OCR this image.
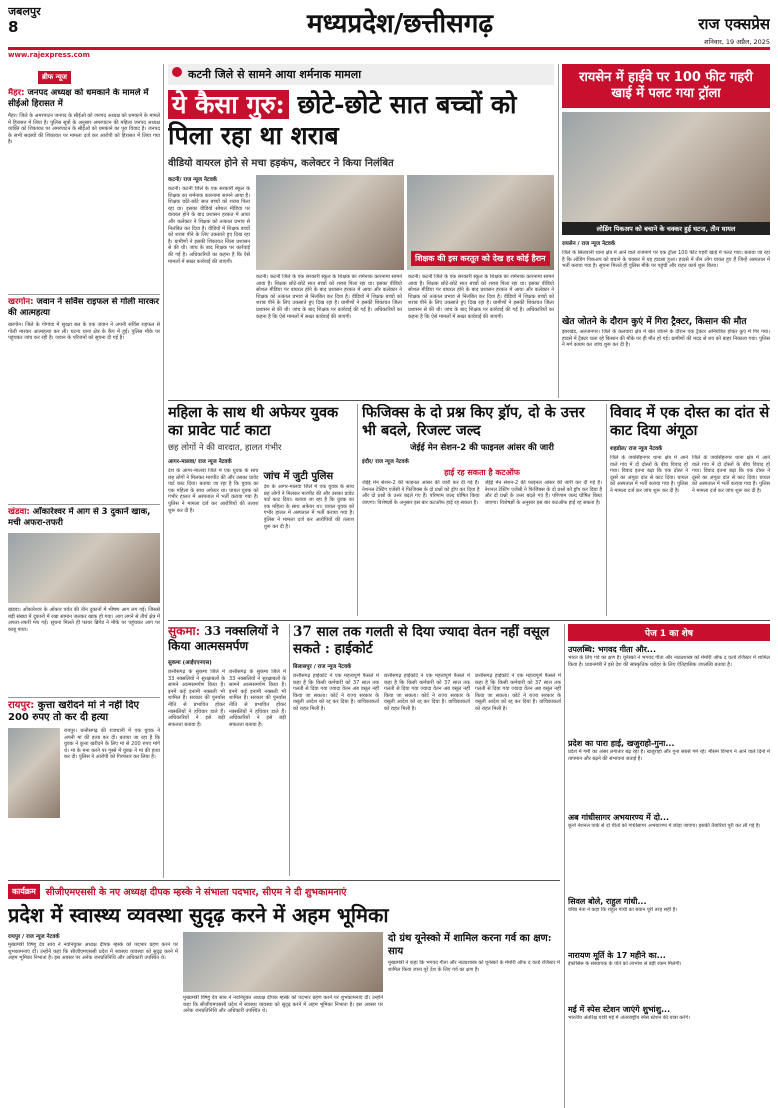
जबलपुर
8	मध्यप्रदेश/छत्तीसगढ़	राज एक्सप्रेस
शनिवार, 19 अप्रैल, 2025
www.rajexpress.com
ब्रीफ न्यूज
मैहर: जनपद अध्यक्ष को धमकाने के मामले में सीईओ हिरासत में
मैहर। जिले के अमरपाटन जनपद के सीईओ को जनपद अध्यक्ष को धमकाने के मामले में हिरासत में लिया है। पुलिस सूत्रों के अनुसार अमरपाटन की महिला जनपद अध्यक्ष व्यक्ति को शिकायत पर अमरपाटन के सीईओ को धमकाने का पूरा विवाद है। जनपद के सभी सदस्यों की शिकायत पर मामला दर्ज कर आरोपी को हिरासत में लिया गया है।
खरगोन: जवान ने सर्विस राइफल से गोली मारकर की आत्महत्या
खरगोन। जिले के गोगांवा में सुरक्षा बल के एक जवान ने अपनी सर्विस राइफल से गोली मारकर आत्महत्या कर ली। घटना थाना क्षेत्र के कैंप में हुई। पुलिस मौके पर पहुंचकर जांच कर रही है। जवान के परिजनों को सूचना दी गई है।
खंडवा: ऑंकारेश्वर में आग से 3 दुकानें खाक, मची अफरा-तफरी
खंडवा। ओंकारेश्वर के ओंकार पर्वत की तीन दुकानों में भीषण आग लग गई। जिससे बड़ी संख्या में दुकानों में रखा सामान जलकर खाक हो गया। आग लगने से तीर्थ क्षेत्र में अफरा-तफरी मच गई। सूचना मिलते ही फायर ब्रिगेड ने मौके पर पहुंचकर आग पर काबू पाया।
रायपुर: कुत्ता खरीदने मां ने नहीं दिए 200 रुपए तो कर दी हत्या
रायपुर। छत्तीसगढ़ की राजधानी में एक युवक ने अपनी मां की हत्या कर दी। बताया जा रहा है कि युवक ने कुत्ता खरीदने के लिए मां से 200 रुपए मांगे थे। मां के मना करने पर गुस्से में युवक ने मां की हत्या कर दी। पुलिस ने आरोपी को गिरफ्तार कर लिया है।
कटनी जिले से सामने आया शर्मनाक मामला
ये कैसा गुरु: छोटे-छोटे सात बच्चों को पिला रहा था शराब
वीडियो वायरल होने से मचा हड़कंप, कलेक्टर ने किया निलंबित
कटनी/ राज न्यूज नेटवर्क
कटनी। कटनी जिले के एक सरकारी स्कूल के शिक्षक का शर्मनाक कारनामा सामने आया है। शिक्षक छोटे-छोटे सात बच्चों को शराब पिला रहा था। इसका वीडियो सोशल मीडिया पर वायरल होने के बाद प्रशासन हरकत में आया और कलेक्टर ने शिक्षक को तत्काल प्रभाव से निलंबित कर दिया है। वीडियो में शिक्षक बच्चों को शराब पीने के लिए उकसाते हुए दिख रहा है। ग्रामीणों ने इसकी शिकायत जिला प्रशासन से की थी। जांच के बाद शिक्षक पर कार्रवाई की गई है। अधिकारियों का कहना है कि ऐसे मामलों में सख्त कार्रवाई की जाएगी।	शिक्षक की इस करतूत को देख हर कोई हैरान
कटनी। कटनी जिले के एक सरकारी स्कूल के शिक्षक का शर्मनाक कारनामा सामने आया है। शिक्षक छोटे-छोटे सात बच्चों को शराब पिला रहा था। इसका वीडियो सोशल मीडिया पर वायरल होने के बाद प्रशासन हरकत में आया और कलेक्टर ने शिक्षक को तत्काल प्रभाव से निलंबित कर दिया है। वीडियो में शिक्षक बच्चों को शराब पीने के लिए उकसाते हुए दिख रहा है। ग्रामीणों ने इसकी शिकायत जिला प्रशासन से की थी। जांच के बाद शिक्षक पर कार्रवाई की गई है। अधिकारियों का कहना है कि ऐसे मामलों में सख्त कार्रवाई की जाएगी।
कटनी। कटनी जिले के एक सरकारी स्कूल के शिक्षक का शर्मनाक कारनामा सामने आया है। शिक्षक छोटे-छोटे सात बच्चों को शराब पिला रहा था। इसका वीडियो सोशल मीडिया पर वायरल होने के बाद प्रशासन हरकत में आया और कलेक्टर ने शिक्षक को तत्काल प्रभाव से निलंबित कर दिया है। वीडियो में शिक्षक बच्चों को शराब पीने के लिए उकसाते हुए दिख रहा है। ग्रामीणों ने इसकी शिकायत जिला प्रशासन से की थी। जांच के बाद शिक्षक पर कार्रवाई की गई है। अधिकारियों का कहना है कि ऐसे मामलों में सख्त कार्रवाई की जाएगी।
रायसेन में हाईवे पर 100 फीट गहरी खाई में पलट गया ट्रॉला
लोडिंग पिकअप को बचाने के चक्कर हुई घटना, तीन घायल
रायसेन / राज न्यूज नेटवर्क
जिले के सिलवानी थाना क्षेत्र में आने वाले राजमार्ग पर एक ट्रॉला 100 फीट गहरी खाई में पलट गया। बताया जा रहा है कि लोडिंग पिकअप को बचाने के चक्कर में यह हादसा हुआ। हादसे में तीन लोग घायल हुए हैं जिन्हें अस्पताल में भर्ती कराया गया है। सूचना मिलते ही पुलिस मौके पर पहुंची और राहत कार्य शुरू किया।
खेत जोतने के दौरान कुएं में गिरा ट्रैक्टर, किसान की मौत
झारखंड, अलजनपर। जिले के कलवारा क्षेत्र में खेत जोतने के दौरान एक ट्रैक्टर अनियंत्रित होकर कुएं में गिर गया। हादसे में ट्रैक्टर चला रहे किसान की मौके पर ही मौत हो गई। ग्रामीणों की मदद से शव को बाहर निकाला गया। पुलिस ने मर्ग कायम कर जांच शुरू कर दी है।
महिला के साथ थी अफेयर युवक का प्रावेट पार्ट काटा
छह लोगों ने की वारदात, हालत गंभीर
आगर-मालवा/ राज न्यूज नेटवर्क
देश के आगर-मालवा जिले में एक युवक के साथ छह लोगों ने मिलकर मारपीट की और उसका प्रावेट पार्ट काट दिया। बताया जा रहा है कि युवक का एक महिला के साथ अफेयर था। घायल युवक को गंभीर हालत में अस्पताल में भर्ती कराया गया है। पुलिस ने मामला दर्ज कर आरोपियों की तलाश शुरू कर दी है।
जांच में जुटी पुलिस
देश के आगर-मालवा जिले में एक युवक के साथ छह लोगों ने मिलकर मारपीट की और उसका प्रावेट पार्ट काट दिया। बताया जा रहा है कि युवक का एक महिला के साथ अफेयर था। घायल युवक को गंभीर हालत में अस्पताल में भर्ती कराया गया है। पुलिस ने मामला दर्ज कर आरोपियों की तलाश शुरू कर दी है।
फिजिक्स के दो प्रश्न किए ड्रॉप, दो के उत्तर भी बदले, रिजल्ट जल्द
जेईई मेन सेशन-2 की फाइनल आंसर की जारी
इंदौर/ राज न्यूज नेटवर्क
हाई रह सकता है कटऑफ
जेईई मेन सेशन-2 की फाइनल आंसर की जारी कर दी गई है। नेशनल टेस्टिंग एजेंसी ने फिजिक्स के दो प्रश्नों को ड्रॉप कर दिया है और दो प्रश्नों के उत्तर बदले गए हैं। परिणाम जल्द घोषित किया जाएगा। विशेषज्ञों के अनुसार इस बार कटऑफ हाई रह सकता है।
जेईई मेन सेशन-2 की फाइनल आंसर की जारी कर दी गई है। नेशनल टेस्टिंग एजेंसी ने फिजिक्स के दो प्रश्नों को ड्रॉप कर दिया है और दो प्रश्नों के उत्तर बदले गए हैं। परिणाम जल्द घोषित किया जाएगा। विशेषज्ञों के अनुसार इस बार कटऑफ हाई रह सकता है।
विवाद में एक दोस्त का दांत से काट दिया अंगूठा
शहडोल/ राज न्यूज नेटवर्क
जिले के जयसिंहनगर थाना क्षेत्र में आने वाले गांव में दो दोस्तों के बीच विवाद हो गया। विवाद इतना बढ़ा कि एक दोस्त ने दूसरे का अंगूठा दांत से काट दिया। घायल को अस्पताल में भर्ती कराया गया है। पुलिस ने मामला दर्ज कर जांच शुरू कर दी है।
जिले के जयसिंहनगर थाना क्षेत्र में आने वाले गांव में दो दोस्तों के बीच विवाद हो गया। विवाद इतना बढ़ा कि एक दोस्त ने दूसरे का अंगूठा दांत से काट दिया। घायल को अस्पताल में भर्ती कराया गया है। पुलिस ने मामला दर्ज कर जांच शुरू कर दी है।
सुकमा: 33 नक्सलियों ने किया आत्मसमर्पण
सुकमा (आईएएनएस)
छत्तीसगढ़ के सुकमा जिले में 33 नक्सलियों ने सुरक्षाबलों के सामने आत्मसमर्पण किया है। इनमें कई इनामी नक्सली भी शामिल हैं। सरकार की पुनर्वास नीति से प्रभावित होकर नक्सलियों ने हथियार डाले हैं। अधिकारियों ने इसे बड़ी सफलता बताया है।
छत्तीसगढ़ के सुकमा जिले में 33 नक्सलियों ने सुरक्षाबलों के सामने आत्मसमर्पण किया है। इनमें कई इनामी नक्सली भी शामिल हैं। सरकार की पुनर्वास नीति से प्रभावित होकर नक्सलियों ने हथियार डाले हैं। अधिकारियों ने इसे बड़ी सफलता बताया है।
37 साल तक गलती से दिया ज्यादा वेतन नहीं वसूल सकते : हाईकोर्ट
बिलासपुर / राज न्यूज नेटवर्क
छत्तीसगढ़ हाईकोर्ट ने एक महत्वपूर्ण फैसले में कहा है कि किसी कर्मचारी को 37 साल तक गलती से दिया गया ज्यादा वेतन अब वसूल नहीं किया जा सकता। कोर्ट ने राज्य सरकार के वसूली आदेश को रद्द कर दिया है। याचिकाकर्ता को राहत मिली है।
छत्तीसगढ़ हाईकोर्ट ने एक महत्वपूर्ण फैसले में कहा है कि किसी कर्मचारी को 37 साल तक गलती से दिया गया ज्यादा वेतन अब वसूल नहीं किया जा सकता। कोर्ट ने राज्य सरकार के वसूली आदेश को रद्द कर दिया है। याचिकाकर्ता को राहत मिली है।
छत्तीसगढ़ हाईकोर्ट ने एक महत्वपूर्ण फैसले में कहा है कि किसी कर्मचारी को 37 साल तक गलती से दिया गया ज्यादा वेतन अब वसूल नहीं किया जा सकता। कोर्ट ने राज्य सरकार के वसूली आदेश को रद्द कर दिया है। याचिकाकर्ता को राहत मिली है।
पेज 1 का शेष
उपलब्धि: भगवद गीता और...
भारत के लिए गर्व का क्षण है। यूनेस्को ने भगवद गीता और नाट्यशास्त्र को मेमोरी ऑफ द वर्ल्ड रजिस्टर में शामिल किया है। प्रधानमंत्री ने इसे देश की सांस्कृतिक धरोहर के लिए ऐतिहासिक उपलब्धि बताया है।
प्रदेश का पारा हाई, खजुराहो-गुना...
प्रदेश में गर्मी का असर लगातार बढ़ रहा है। खजुराहो और गुना सबसे गर्म रहे। मौसम विभाग ने आने वाले दिनों में तापमान और बढ़ने की संभावना जताई है।
अब गांधीसागर अभयारण्य में दो...
कूनो नेशनल पार्क से दो चीतों को गांधीसागर अभयारण्य में छोड़ा जाएगा। इसकी तैयारियां पूरी कर ली गई हैं।
सिवल बोले, राहुल गांधी...
वरिष्ठ नेता ने कहा कि राहुल गांधी का बयान पूरी तरह सही है।
नारायण मूर्ति के 17 महीने का...
इंफोसिस के संस्थापक के पोते को लाभांश से बड़ी रकम मिलेगी।
मई में स्पेस स्टेशन जाएंगे शुभांशु...
भारतीय अंतरिक्ष यात्री मई में अंतरराष्ट्रीय स्पेस स्टेशन की यात्रा करेंगे।
कार्यक्रम	सीजीएमएससी के नए अध्यक्ष दीपक म्हस्के ने संभाला पदभार, सीएम ने दी शुभकामनाएं
प्रदेश में स्वास्थ्य व्यवस्था सुदृढ़ करने में अहम भूमिका
रायपुर / राज न्यूज नेटवर्क
मुख्यमंत्री विष्णु देव साय ने नवनियुक्त अध्यक्ष दीपक म्हस्के को पदभार ग्रहण करने पर शुभकामनाएं दीं। उन्होंने कहा कि सीजीएमएससी प्रदेश में स्वास्थ्य व्यवस्था को सुदृढ़ करने में अहम भूमिका निभाता है। इस अवसर पर अनेक जनप्रतिनिधि और अधिकारी उपस्थित थे।
मुख्यमंत्री विष्णु देव साय ने नवनियुक्त अध्यक्ष दीपक म्हस्के को पदभार ग्रहण करने पर शुभकामनाएं दीं। उन्होंने कहा कि सीजीएमएससी प्रदेश में स्वास्थ्य व्यवस्था को सुदृढ़ करने में अहम भूमिका निभाता है। इस अवसर पर अनेक जनप्रतिनिधि और अधिकारी उपस्थित थे।
दो ग्रंथ यूनेस्को में शामिल करना गर्व का क्षण: साय
मुख्यमंत्री ने कहा कि भगवद गीता और नाट्यशास्त्र को यूनेस्को के मेमोरी ऑफ द वर्ल्ड रजिस्टर में शामिल किया जाना पूरे देश के लिए गर्व का क्षण है।
